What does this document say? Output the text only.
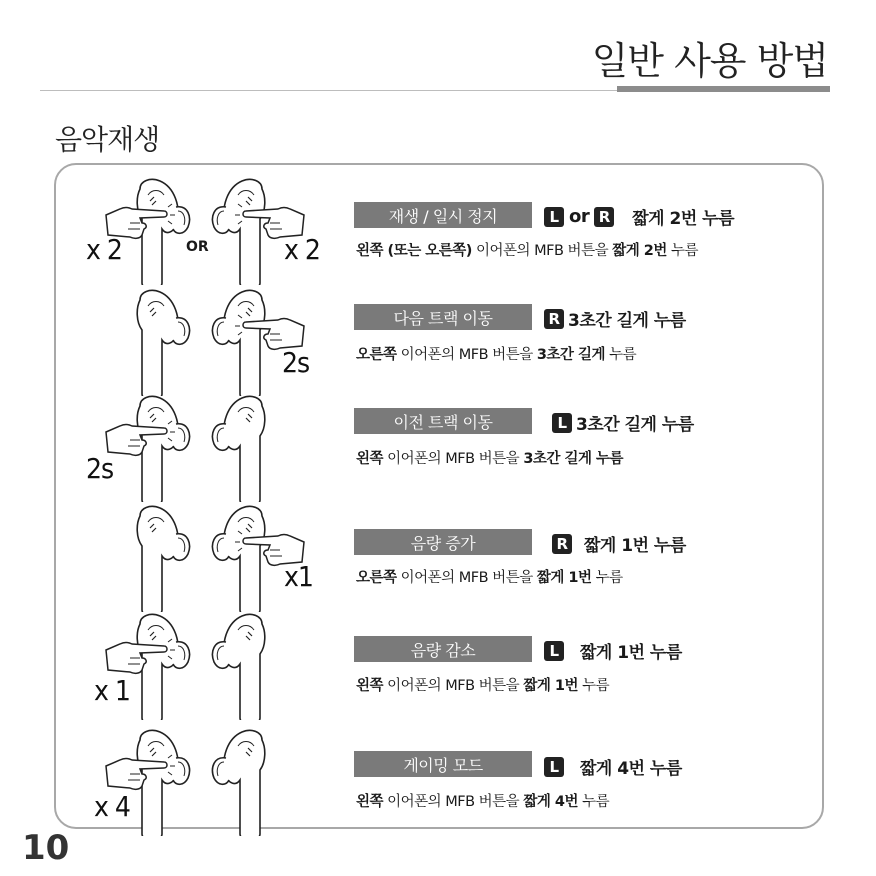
일반 사용 방법
음악재생
x 2	OR	x 2
재생 / 일시 정지	L or R 짧게 2번 누름
왼쪽 (또는 오른쪽) 이어폰의 MFB 버튼을 짧게 2번 누름
2s
다음 트랙 이동	R 3초간 길게 누름
오른쪽 이어폰의 MFB 버튼을 3초간 길게 누름
2s
이전 트랙 이동	L 3초간 길게 누름
왼쪽 이어폰의 MFB 버튼을 3초간 길게 누름
x1
음량 증가	R 짧게 1번 누름
오른쪽 이어폰의 MFB 버튼을 짧게 1번 누름
x 1
음량 감소	L	짧게 1번 누름
왼쪽 이어폰의 MFB 버튼을 짧게 1번 누름
x 4
게이밍 모드	L	짧게 4번 누름
왼쪽 이어폰의 MFB 버튼을 짧게 4번 누름
10
